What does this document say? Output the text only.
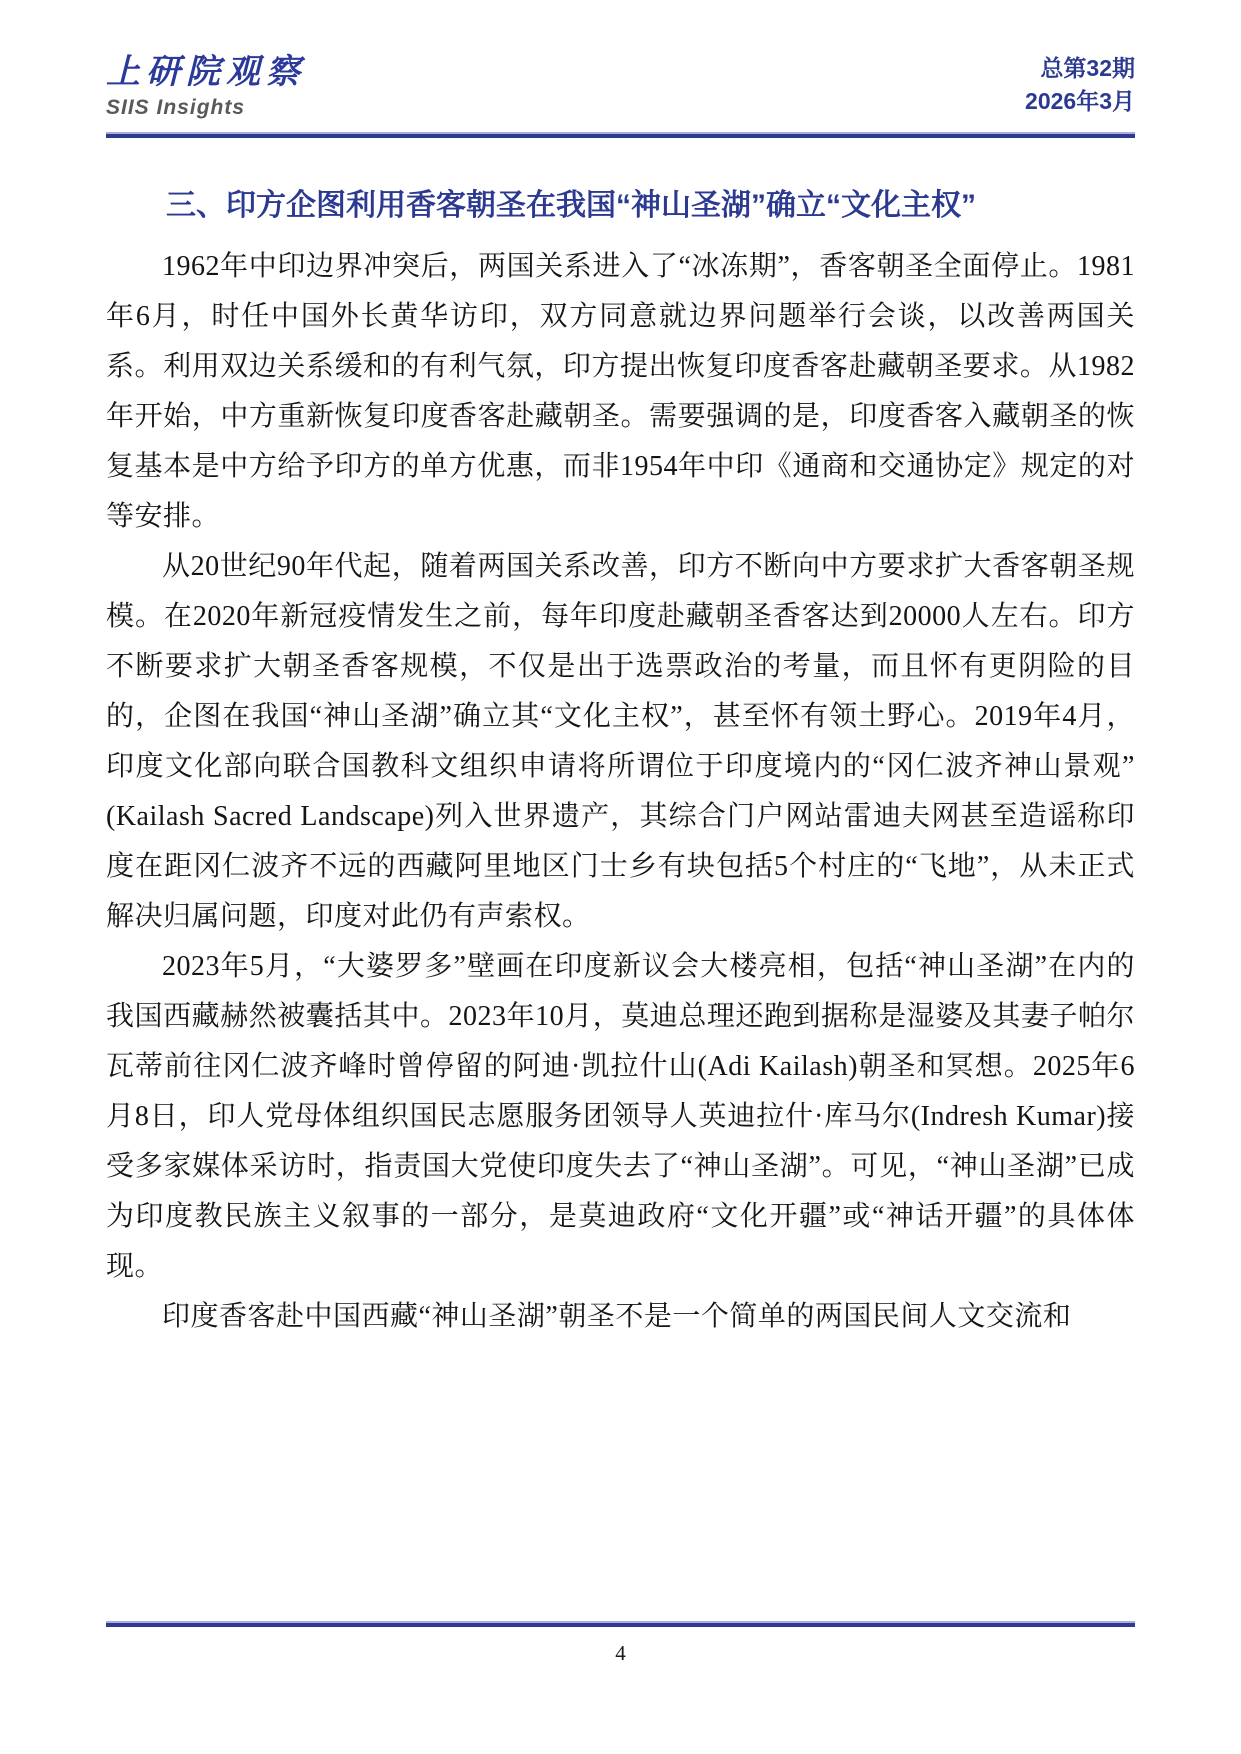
上研院观察
SIIS Insights
总第32期
2026年3月
三、印方企图利用香客朝圣在我国“神山圣湖”确立“文化主权”

1962年中印边界冲突后，两国关系进入了“冰冻期”，香客朝圣全面停止。1981年6月，时任中国外长黄华访印，双方同意就边界问题举行会谈，以改善两国关系。利用双边关系缓和的有利气氛，印方提出恢复印度香客赴藏朝圣要求。从1982年开始，中方重新恢复印度香客赴藏朝圣。需要强调的是，印度香客入藏朝圣的恢复基本是中方给予印方的单方优惠，而非1954年中印《通商和交通协定》规定的对等安排。

从20世纪90年代起，随着两国关系改善，印方不断向中方要求扩大香客朝圣规模。在2020年新冠疫情发生之前，每年印度赴藏朝圣香客达到20000人左右。印方不断要求扩大朝圣香客规模，不仅是出于选票政治的考量，而且怀有更阴险的目的，企图在我国“神山圣湖”确立其“文化主权”，甚至怀有领土野心。2019年4月，印度文化部向联合国教科文组织申请将所谓位于印度境内的“冈仁波齐神山景观”(Kailash Sacred Landscape)列入世界遗产，其综合门户网站雷迪夫网甚至造谣称印度在距冈仁波齐不远的西藏阿里地区门士乡有块包括5个村庄的“飞地”，从未正式解决归属问题，印度对此仍有声索权。

2023年5月，“大婆罗多”壁画在印度新议会大楼亮相，包括“神山圣湖”在内的我国西藏赫然被囊括其中。2023年10月，莫迪总理还跑到据称是湿婆及其妻子帕尔瓦蒂前往冈仁波齐峰时曾停留的阿迪·凯拉什山(Adi Kailash)朝圣和冥想。2025年6月8日，印人党母体组织国民志愿服务团领导人英迪拉什·库马尔(Indresh Kumar)接受多家媒体采访时，指责国大党使印度失去了“神山圣湖”。可见，“神山圣湖”已成为印度教民族主义叙事的一部分，是莫迪政府“文化开疆”或“神话开疆”的具体体现。

印度香客赴中国西藏“神山圣湖”朝圣不是一个简单的两国民间人文交流和

4
